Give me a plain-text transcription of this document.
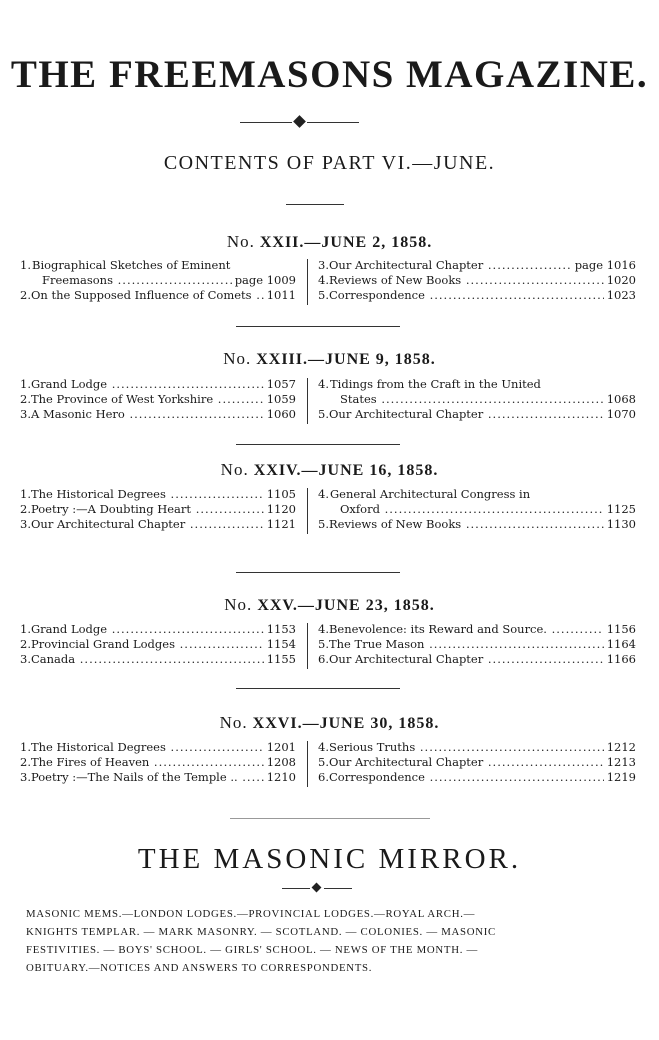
THE FREEMASONS MAGAZINE.
CONTENTS OF PART VI.—JUNE.
No. XXII.—JUNE 2, 1858.
1. Biographical Sketches of Eminent
Freemasons .....	page 1009
2. On the Supposed Influence of Comets .....	1011
3. Our Architectural Chapter .....	page 1016
4. Reviews of New Books .....	1020
5. Correspondence .....	1023
No. XXIII.—JUNE 9, 1858.
1. Grand Lodge .....	1057
2. The Province of West Yorkshire .....	1059
3. A Masonic Hero .....	1060
4. Tidings from the Craft in the United
States .....	1068
5. Our Architectural Chapter .....	1070
No. XXIV.—JUNE 16, 1858.
1. The Historical Degrees .....	1105
2. Poetry :—A Doubting Heart .....	1120
3. Our Architectural Chapter .....	1121
4. General Architectural Congress in
Oxford .....	1125
5. Reviews of New Books .....	1130
No. XXV.—JUNE 23, 1858.
1. Grand Lodge .....	1153
2. Provincial Grand Lodges .....	1154
3. Canada .....	1155
4. Benevolence: its Reward and Source. .....	1156
5. The True Mason .....	1164
6. Our Architectural Chapter .....	1166
No. XXVI.—JUNE 30, 1858.
1. The Historical Degrees .....	1201
2. The Fires of Heaven .....	1208
3. Poetry :—The Nails of the Temple .. .....	1210
4. Serious Truths .....	1212
5. Our Architectural Chapter .....	1213
6. Correspondence .....	1219
THE MASONIC MIRROR.
MASONIC MEMS.—LONDON LODGES.—PROVINCIAL LODGES.—ROYAL ARCH.—
KNIGHTS TEMPLAR. — MARK MASONRY. — SCOTLAND. — COLONIES. — MASONIC
FESTIVITIES. — BOYS' SCHOOL. — GIRLS' SCHOOL. — NEWS OF THE MONTH. —
OBITUARY.—NOTICES AND ANSWERS TO CORRESPONDENTS.
